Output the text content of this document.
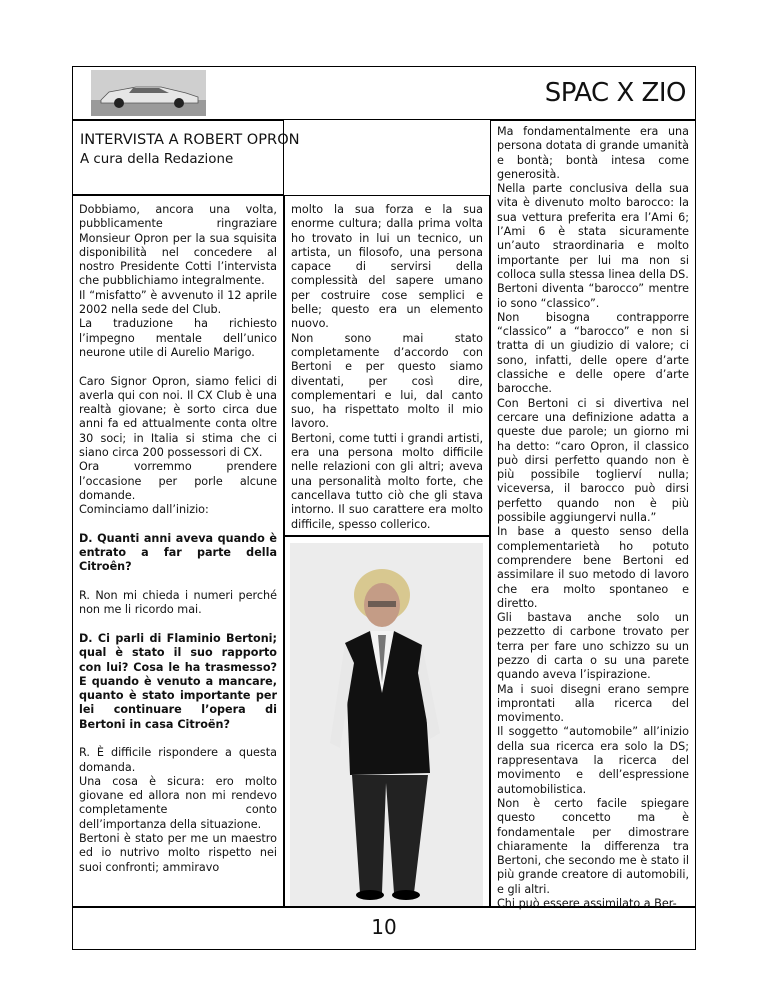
SPAC X ZIO
INTERVISTA A ROBERT OPRON
A cura della Redazione

Dobbiamo, ancora una volta, pubblicamente ringraziare Monsieur Opron per la sua squisita disponibilità nel concedere al nostro Presidente Cotti l’intervista che pubblichiamo integralmente.

Il “misfatto” è avvenuto il 12 aprile 2002 nella sede del Club.

La traduzione ha richiesto l’impegno mentale dell’unico neurone utile di Aurelio Marigo.

Caro Signor Opron, siamo felici di averla qui con noi. Il CX Club è una realtà giovane; è sorto circa due anni fa ed attualmente conta oltre 30 soci; in Italia si stima che ci siano circa 200 possessori di CX.

Ora vorremmo prendere l’occasione per porle alcune domande.

Cominciamo dall’inizio:

D. Quanti anni aveva quando è entrato a far parte della Citroên?

R. Non mi chieda i numeri perché non me li ricordo mai.

D. Ci parli di Flaminio Bertoni; qual è stato il suo rapporto con lui? Cosa le ha trasmesso? E quando è venuto a mancare, quanto è stato importante per lei continuare l’opera di Bertoni in casa Citroën?

R. È difficile rispondere a questa domanda.

Una cosa è sicura: ero molto giovane ed allora non mi rendevo completamente conto dell’importanza della situazione.

Bertoni è stato per me un maestro ed io nutrivo molto rispetto nei suoi confronti; ammiravo

molto la sua forza e la sua enorme cultura; dalla prima volta ho trovato in lui un tecnico, un artista, un filosofo, una persona capace di servirsi della complessità del sapere umano per costruire cose semplici e belle; questo era un elemento nuovo.

Non sono mai stato completamente d’accordo con Bertoni e per questo siamo diventati, per così dire, complementari e lui, dal canto suo, ha rispettato molto il mio lavoro.

Bertoni, come tutti i grandi artisti, era una persona molto difficile nelle relazioni con gli altri; aveva una personalità molto forte, che cancellava tutto ciò che gli stava intorno. Il suo carattere era molto difficile, spesso collerico.

Ma fondamentalmente era una persona dotata di grande umanità e bontà; bontà intesa come generosità.

Nella parte conclusiva della sua vita è divenuto molto barocco: la sua vettura preferita era l’Ami 6; l’Ami 6 è stata sicuramente un’auto straordinaria e molto importante per lui ma non si colloca sulla stessa linea della DS.

Bertoni diventa “barocco” mentre io sono “classico”.

Non bisogna contrapporre “classico” a “barocco” e non si tratta di un giudizio di valore; ci sono, infatti, delle opere d’arte classiche e delle opere d’arte barocche.

Con Bertoni ci si divertiva nel cercare una definizione adatta a queste due parole; un giorno mi ha detto: “caro Opron, il classico può dirsi perfetto quando non è più possibile toglierví nulla; viceversa, il barocco può dirsi perfetto quando non è più possibile aggiungervi nulla.”

In base a questo senso della complementarietà ho potuto comprendere bene Bertoni ed assimilare il suo metodo di lavoro che era molto spontaneo e diretto.

Gli bastava anche solo un pezzetto di carbone trovato per terra per fare uno schizzo su un pezzo di carta o su una parete quando aveva l’ispirazione.

Ma i suoi disegni erano sempre improntati alla ricerca del movimento.

Il soggetto “automobile” all’inizio della sua ricerca era solo la DS; rappresentava la ricerca del movimento e dell’espressione automobilistica.

Non è certo facile spiegare questo concetto ma è fondamentale per dimostrare chiaramente la differenza tra Bertoni, che secondo me è stato il più grande creatore di automobili, e gli altri.

Chi può essere assimilato a Ber-

10
